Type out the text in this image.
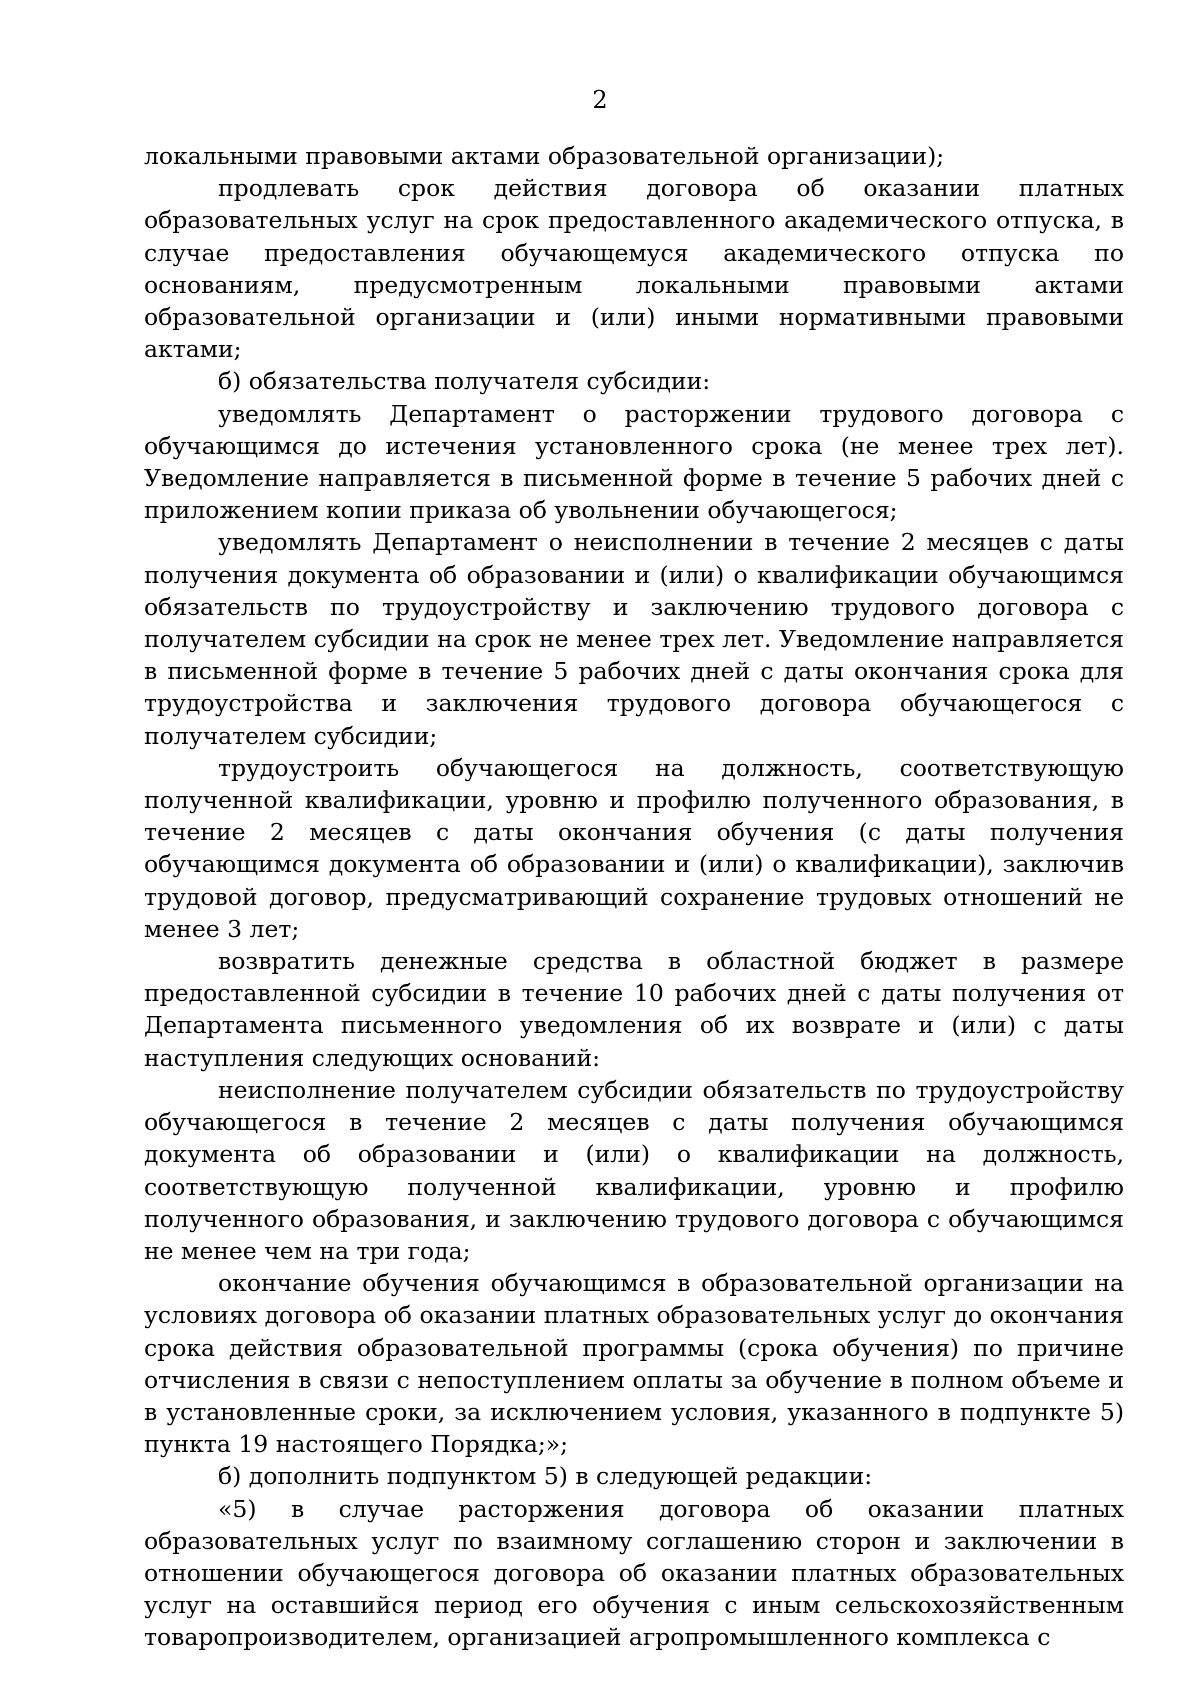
2

локальными правовыми актами образовательной организации);

продлевать срок действия договора об оказании платных образовательных услуг на срок предоставленного академического отпуска, в случае предоставления обучающемуся академического отпуска по основаниям, предусмотренным локальными правовыми актами образовательной организации и (или) иными нормативными правовыми актами;

б) обязательства получателя субсидии:

уведомлять Департамент о расторжении трудового договора с обучающимся до истечения установленного срока (не менее трех лет). Уведомление направляется в письменной форме в течение 5 рабочих дней с приложением копии приказа об увольнении обучающегося;

уведомлять Департамент о неисполнении в течение 2 месяцев с даты получения документа об образовании и (или) о квалификации обучающимся обязательств по трудоустройству и заключению трудового договора с получателем субсидии на срок не менее трех лет. Уведомление направляется в письменной форме в течение 5 рабочих дней с даты окончания срока для трудоустройства и заключения трудового договора обучающегося с получателем субсидии;

трудоустроить обучающегося на должность, соответствующую полученной квалификации, уровню и профилю полученного образования, в течение 2 месяцев с даты окончания обучения (с даты получения обучающимся документа об образовании и (или) о квалификации), заключив трудовой договор, предусматривающий сохранение трудовых отношений не менее 3 лет;

возвратить денежные средства в областной бюджет в размере предоставленной субсидии в течение 10 рабочих дней с даты получения от Департамента письменного уведомления об их возврате и (или) с даты наступления следующих оснований:

неисполнение получателем субсидии обязательств по трудоустройству обучающегося в течение 2 месяцев с даты получения обучающимся документа об образовании и (или) о квалификации на должность, соответствующую полученной квалификации, уровню и профилю полученного образования, и заключению трудового договора с обучающимся не менее чем на три года;

окончание обучения обучающимся в образовательной организации на условиях договора об оказании платных образовательных услуг до окончания срока действия образовательной программы (срока обучения) по причине отчисления в связи с непоступлением оплаты за обучение в полном объеме и в установленные сроки, за исключением условия, указанного в подпункте 5) пункта 19 настоящего Порядка;»;

б) дополнить подпунктом 5) в следующей редакции:

«5) в случае расторжения договора об оказании платных образовательных услуг по взаимному соглашению сторон и заключении в отношении обучающегося договора об оказании платных образовательных услуг на оставшийся период его обучения с иным сельскохозяйственным товаропроизводителем, организацией агропромышленного комплекса с
